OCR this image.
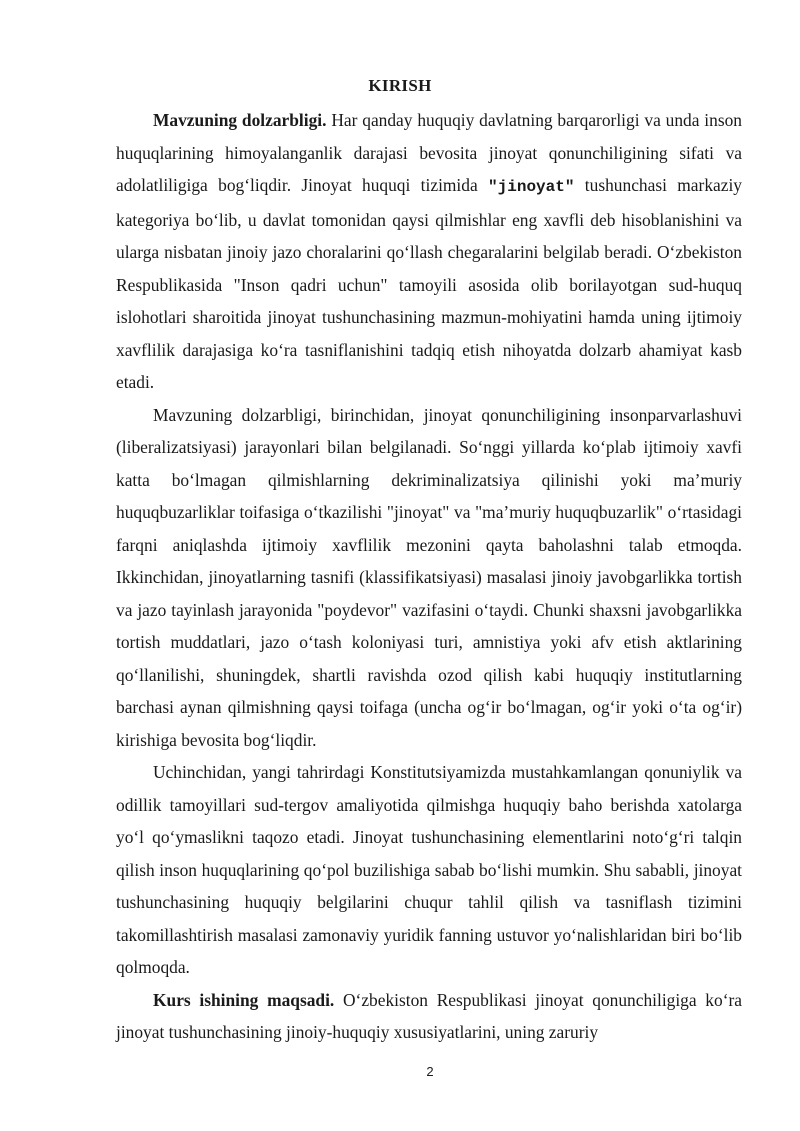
KIRISH

Mavzuning dolzarbligi. Har qanday huquqiy davlatning barqarorligi va unda inson huquqlarining himoyalanganlik darajasi bevosita jinoyat qonunchiligining sifati va adolatliligiga bog‘liqdir. Jinoyat huquqi tizimida "jinoyat" tushunchasi markaziy kategoriya bo‘lib, u davlat tomonidan qaysi qilmishlar eng xavfli deb hisoblanishini va ularga nisbatan jinoiy jazo choralarini qo‘llash chegaralarini belgilab beradi. O‘zbekiston Respublikasida "Inson qadri uchun" tamoyili asosida olib borilayotgan sud-huquq islohotlari sharoitida jinoyat tushunchasining mazmun-mohiyatini hamda uning ijtimoiy xavflilik darajasiga ko‘ra tasniflanishini tadqiq etish nihoyatda dolzarb ahamiyat kasb etadi.

Mavzuning dolzarbligi, birinchidan, jinoyat qonunchiligining insonparvarlashuvi (liberalizatsiyasi) jarayonlari bilan belgilanadi. So‘nggi yillarda ko‘plab ijtimoiy xavfi katta bo‘lmagan qilmishlarning dekriminalizatsiya qilinishi yoki ma’muriy huquqbuzarliklar toifasiga o‘tkazilishi "jinoyat" va "ma’muriy huquqbuzarlik" o‘rtasidagi farqni aniqlashda ijtimoiy xavflilik mezonini qayta baholashni talab etmoqda. Ikkinchidan, jinoyatlarning tasnifi (klassifikatsiyasi) masalasi jinoiy javobgarlikka tortish va jazo tayinlash jarayonida "poydevor" vazifasini o‘taydi. Chunki shaxsni javobgarlikka tortish muddatlari, jazo o‘tash koloniyasi turi, amnistiya yoki afv etish aktlarining qo‘llanilishi, shuningdek, shartli ravishda ozod qilish kabi huquqiy institutlarning barchasi aynan qilmishning qaysi toifaga (uncha og‘ir bo‘lmagan, og‘ir yoki o‘ta og‘ir) kirishiga bevosita bog‘liqdir.

Uchinchidan, yangi tahrirdagi Konstitutsiyamizda mustahkamlangan qonuniylik va odillik tamoyillari sud-tergov amaliyotida qilmishga huquqiy baho berishda xatolarga yo‘l qo‘ymaslikni taqozo etadi. Jinoyat tushunchasining elementlarini noto‘g‘ri talqin qilish inson huquqlarining qo‘pol buzilishiga sabab bo‘lishi mumkin. Shu sababli, jinoyat tushunchasining huquqiy belgilarini chuqur tahlil qilish va tasniflash tizimini takomillashtirish masalasi zamonaviy yuridik fanning ustuvor yo‘nalishlaridan biri bo‘lib qolmoqda.

Kurs ishining maqsadi. O‘zbekiston Respublikasi jinoyat qonunchiligiga ko‘ra jinoyat tushunchasining jinoiy-huquqiy xususiyatlarini, uning zaruriy

2
